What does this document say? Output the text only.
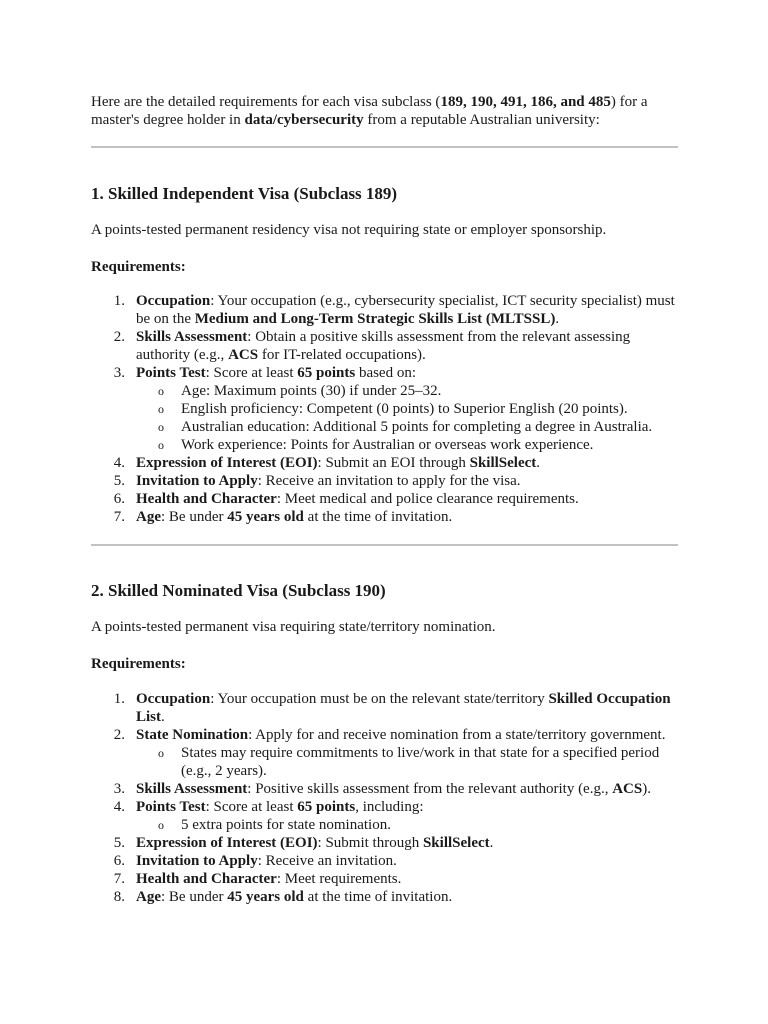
Here are the detailed requirements for each visa subclass (189, 190, 491, 186, and 485) for a master's degree holder in data/cybersecurity from a reputable Australian university:

1. Skilled Independent Visa (Subclass 189)

A points-tested permanent residency visa not requiring state or employer sponsorship.

Requirements:

1. Occupation: Your occupation (e.g., cybersecurity specialist, ICT security specialist) must be on the Medium and Long-Term Strategic Skills List (MLTSSL).
2. Skills Assessment: Obtain a positive skills assessment from the relevant assessing authority (e.g., ACS for IT-related occupations).
3. Points Test: Score at least 65 points based on:
o Age: Maximum points (30) if under 25–32.
o English proficiency: Competent (0 points) to Superior English (20 points).
o Australian education: Additional 5 points for completing a degree in Australia.
o Work experience: Points for Australian or overseas work experience.
4. Expression of Interest (EOI): Submit an EOI through SkillSelect.
5. Invitation to Apply: Receive an invitation to apply for the visa.
6. Health and Character: Meet medical and police clearance requirements.
7. Age: Be under 45 years old at the time of invitation.
2. Skilled Nominated Visa (Subclass 190)

A points-tested permanent visa requiring state/territory nomination.

Requirements:

1. Occupation: Your occupation must be on the relevant state/territory Skilled Occupation List.
2. State Nomination: Apply for and receive nomination from a state/territory government.
o States may require commitments to live/work in that state for a specified period (e.g., 2 years).
3. Skills Assessment: Positive skills assessment from the relevant authority (e.g., ACS).
4. Points Test: Score at least 65 points, including:
o 5 extra points for state nomination.
5. Expression of Interest (EOI): Submit through SkillSelect.
6. Invitation to Apply: Receive an invitation.
7. Health and Character: Meet requirements.
8. Age: Be under 45 years old at the time of invitation.
